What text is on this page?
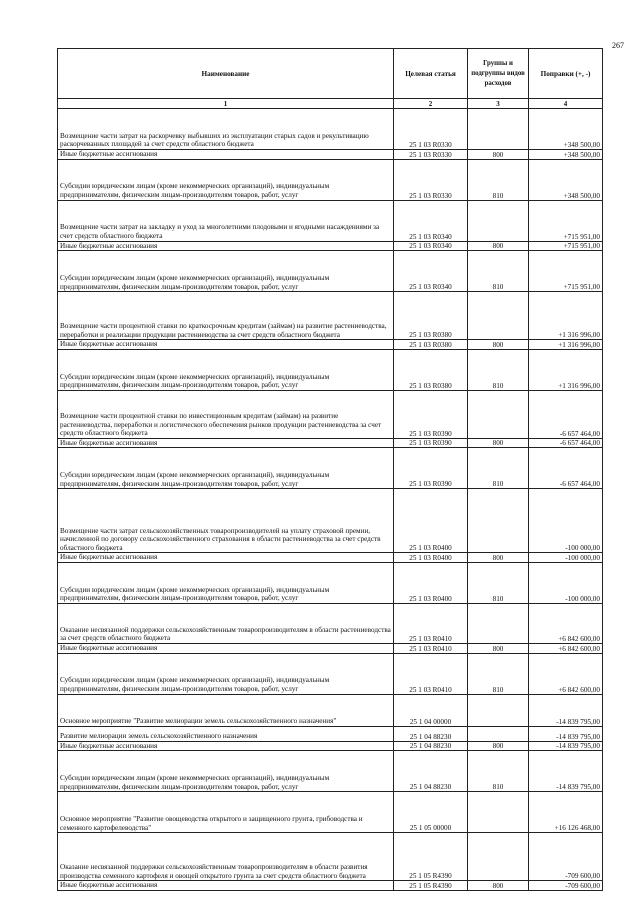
267
Наименование	Целевая статья	Группы и подгруппы видов расходов	Поправки (+, -)
1	2	3	4
Возмещение части затрат на раскорчевку выбывших из эксплуатации старых садов и рекультивацию раскорчеванных площадей за счет средств областного бюджета	25 1 03 R0330		+348 500,00
Иные бюджетные ассигнования	25 1 03 R0330	800	+348 500,00
Субсидии юридическим лицам (кроме некоммерческих организаций), индивидуальным предпринимателям, физическим лицам-производителям товаров, работ, услуг	25 1 03 R0330	810	+348 500,00
Возмещение части затрат на закладку и уход за многолетними плодовыми и ягодными насаждениями за счет средств областного бюджета	25 1 03 R0340		+715 951,00
Иные бюджетные ассигнования	25 1 03 R0340	800	+715 951,00
Субсидии юридическим лицам (кроме некоммерческих организаций), индивидуальным предпринимателям, физическим лицам-производителям товаров, работ, услуг	25 1 03 R0340	810	+715 951,00
Возмещение части процентной ставки по краткосрочным кредитам (займам) на развитие растениеводства, переработки и реализации продукции растениеводства за счет средств областного бюджета	25 1 03 R0380		+1 316 996,00
Иные бюджетные ассигнования	25 1 03 R0380	800	+1 316 996,00
Субсидии юридическим лицам (кроме некоммерческих организаций), индивидуальным предпринимателям, физическим лицам-производителям товаров, работ, услуг	25 1 03 R0380	810	+1 316 996,00
Возмещение части процентной ставки по инвестиционным кредитам (займам) на развитие растениеводства, переработки и логистического обеспечения рынков продукции растениеводства за счет средств областного бюджета	25 1 03 R0390		-6 657 464,00
Иные бюджетные ассигнования	25 1 03 R0390	800	-6 657 464,00
Субсидии юридическим лицам (кроме некоммерческих организаций), индивидуальным предпринимателям, физическим лицам-производителям товаров, работ, услуг	25 1 03 R0390	810	-6 657 464,00
Возмещение части затрат сельскохозяйственных товаропроизводителей на уплату страховой премии, начисленной по договору сельскохозяйственного страхования в области растениеводства за счет средств областного бюджета	25 1 03 R0400		-100 000,00
Иные бюджетные ассигнования	25 1 03 R0400	800	-100 000,00
Субсидии юридическим лицам (кроме некоммерческих организаций), индивидуальным предпринимателям, физическим лицам-производителям товаров, работ, услуг	25 1 03 R0400	810	-100 000,00
Оказание несвязанной поддержки сельскохозяйственным товаропроизводителям в области растениеводства за счет средств областного бюджета	25 1 03 R0410		+6 842 600,00
Иные бюджетные ассигнования	25 1 03 R0410	800	+6 842 600,00
Субсидии юридическим лицам (кроме некоммерческих организаций), индивидуальным предпринимателям, физическим лицам-производителям товаров, работ, услуг	25 1 03 R0410	810	+6 842 600,00
Основное мероприятие "Развитие мелиорации земель сельскохозяйственного назначения"	25 1 04 00000		-14 839 795,00
Развитие мелиорации земель сельскохозяйственного назначения	25 1 04 88230		-14 839 795,00
Иные бюджетные ассигнования	25 1 04 88230	800	-14 839 795,00
Субсидии юридическим лицам (кроме некоммерческих организаций), индивидуальным предпринимателям, физическим лицам-производителям товаров, работ, услуг	25 1 04 88230	810	-14 839 795,00
Основное мероприятие "Развитие овощеводства открытого и защищенного грунта, грибоводства и семенного картофелеводства"	25 1 05 00000		+16 126 468,00
Оказание несвязанной поддержки сельскохозяйственным товаропроизводителям в области развития производства семенного картофеля и овощей открытого грунта за счет средств областного бюджета	25 1 05 R4390		-709 600,00
Иные бюджетные ассигнования	25 1 05 R4390	800	-709 600,00
